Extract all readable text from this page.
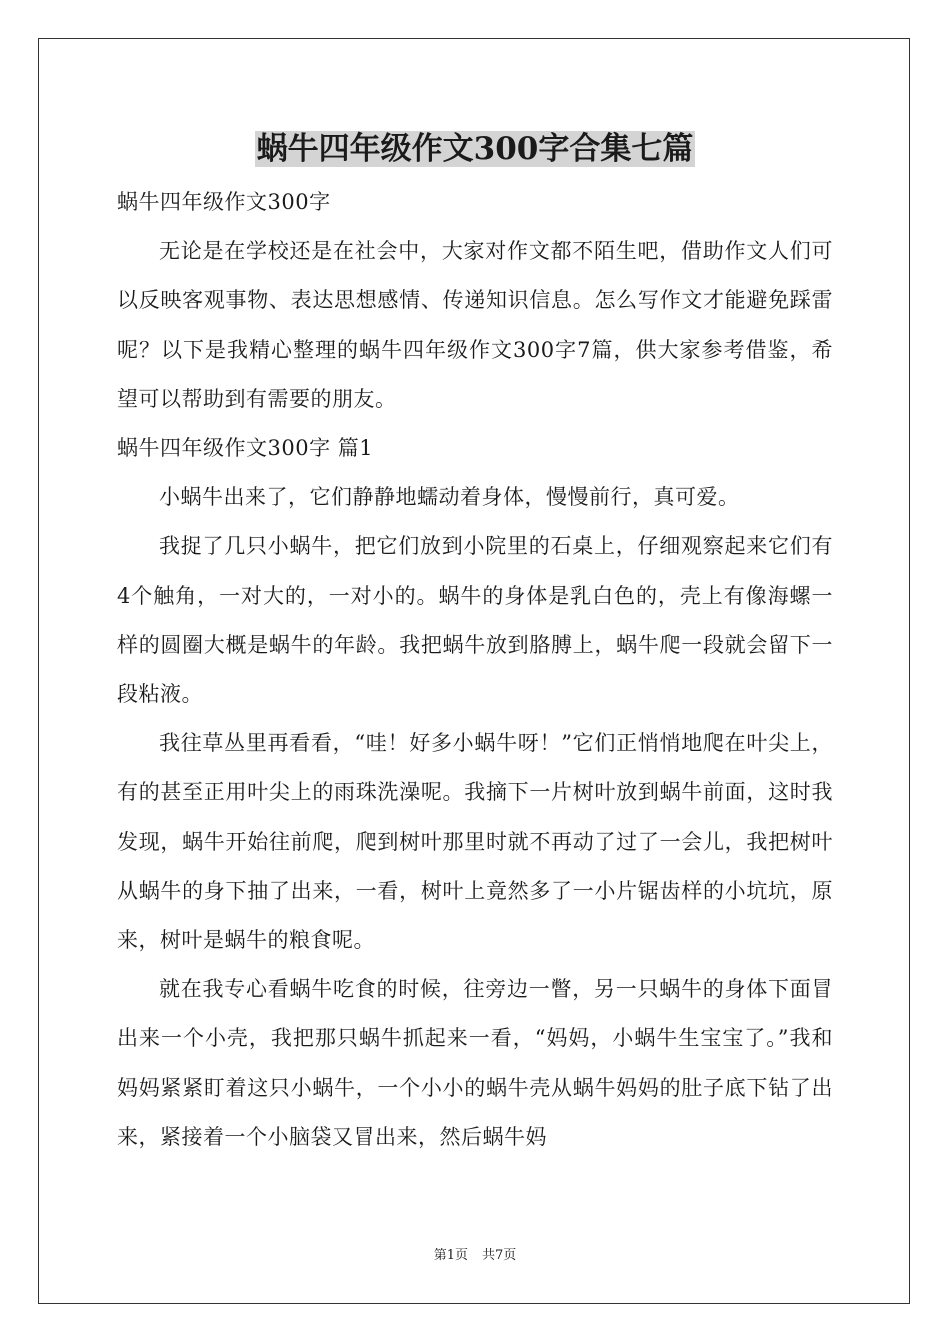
蜗牛四年级作文300字合集七篇

蜗牛四年级作文300字

无论是在学校还是在社会中，大家对作文都不陌生吧，借助作文人们可以反映客观事物、表达思想感情、传递知识信息。怎么写作文才能避免踩雷呢？以下是我精心整理的蜗牛四年级作文300字7篇，供大家参考借鉴，希望可以帮助到有需要的朋友。

蜗牛四年级作文300字 篇1

小蜗牛出来了，它们静静地蠕动着身体，慢慢前行，真可爱。

我捉了几只小蜗牛，把它们放到小院里的石桌上，仔细观察起来它们有4个触角，一对大的，一对小的。蜗牛的身体是乳白色的，壳上有像海螺一样的圆圈大概是蜗牛的年龄。我把蜗牛放到胳膊上，蜗牛爬一段就会留下一段粘液。

我往草丛里再看看，“哇！好多小蜗牛呀！”它们正悄悄地爬在叶尖上，有的甚至正用叶尖上的雨珠洗澡呢。我摘下一片树叶放到蜗牛前面，这时我发现，蜗牛开始往前爬，爬到树叶那里时就不再动了过了一会儿，我把树叶从蜗牛的身下抽了出来，一看，树叶上竟然多了一小片锯齿样的小坑坑，原来，树叶是蜗牛的粮食呢。

就在我专心看蜗牛吃食的时候，往旁边一瞥，另一只蜗牛的身体下面冒出来一个小壳，我把那只蜗牛抓起来一看，“妈妈，小蜗牛生宝宝了。”我和妈妈紧紧盯着这只小蜗牛，一个小小的蜗牛壳从蜗牛妈妈的肚子底下钻了出来，紧接着一个小脑袋又冒出来，然后蜗牛妈

第1页 共7页
